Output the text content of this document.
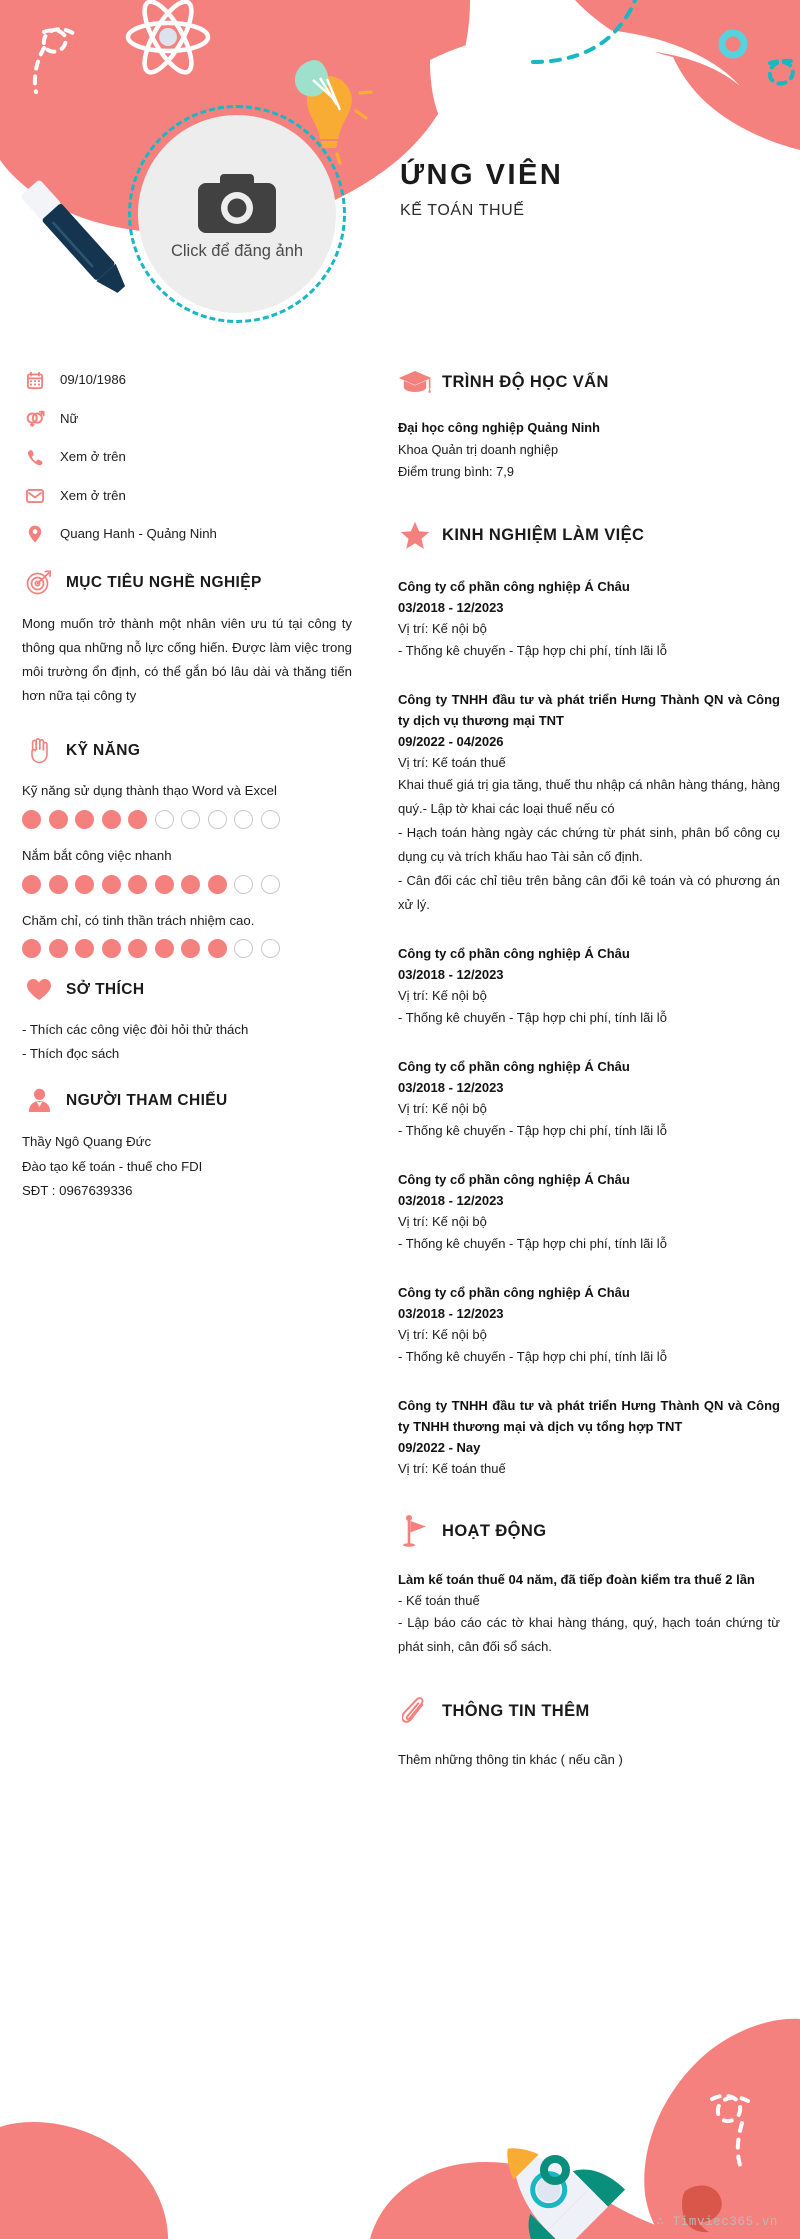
Click để đăng ảnh
ỨNG VIÊN
KẾ TOÁN THUẾ
09/10/1986
Nữ
Xem ở trên
Xem ở trên
Quang Hanh - Quảng Ninh
MỤC TIÊU NGHỀ NGHIỆP
Mong muốn trở thành một nhân viên ưu tú tại công ty thông qua những nỗ lực cống hiến. Được làm việc trong môi trường ổn định, có thể gắn bó lâu dài và thăng tiến hơn nữa tại công ty
KỸ NĂNG
Kỹ năng sử dụng thành thạo Word và Excel
Nắm bắt công việc nhanh
Chăm chỉ, có tinh thần trách nhiệm cao.
SỞ THÍCH
- Thích các công việc đòi hỏi thử thách
- Thích đọc sách
NGƯỜI THAM CHIẾU
Thầy Ngô Quang Đức
Đào tạo kế toán - thuế cho FDI
SĐT : 0967639336
TRÌNH ĐỘ HỌC VẤN
Đại học công nghiệp Quảng Ninh
Khoa Quản trị doanh nghiệp
Điểm trung bình: 7,9
KINH NGHIỆM LÀM VIỆC
Công ty cổ phần công nghiệp Á Châu
03/2018 - 12/2023
Vị trí: Kế nội bộ
- Thống kê chuyến - Tập hợp chi phí, tính lãi lỗ
Công ty TNHH đầu tư và phát triển Hưng Thành QN và Công ty dịch vụ thương mại TNT
09/2022 - 04/2026
Vị trí: Kế toán thuế
Khai thuế giá trị gia tăng, thuế thu nhập cá nhân hàng tháng, hàng quý.- Lập tờ khai các loại thuế nếu có
- Hạch toán hàng ngày các chứng từ phát sinh, phân bổ công cụ dụng cụ và trích khấu hao Tài sản cố định.
- Cân đối các chỉ tiêu trên bảng cân đối kê toán và có phương án xử lý.
Công ty cổ phần công nghiệp Á Châu
03/2018 - 12/2023
Vị trí: Kế nội bộ
- Thống kê chuyến - Tập hợp chi phí, tính lãi lỗ
Công ty cổ phần công nghiệp Á Châu
03/2018 - 12/2023
Vị trí: Kế nội bộ
- Thống kê chuyến - Tập hợp chi phí, tính lãi lỗ
Công ty cổ phần công nghiệp Á Châu
03/2018 - 12/2023
Vị trí: Kế nội bộ
- Thống kê chuyến - Tập hợp chi phí, tính lãi lỗ
Công ty cổ phần công nghiệp Á Châu
03/2018 - 12/2023
Vị trí: Kế nội bộ
- Thống kê chuyến - Tập hợp chi phí, tính lãi lỗ
Công ty TNHH đầu tư và phát triển Hưng Thành QN và Công ty TNHH thương mại và dịch vụ tổng hợp TNT
09/2022 - Nay
Vị trí: Kế toán thuế
HOẠT ĐỘNG
Làm kế toán thuế 04 năm, đã tiếp đoàn kiểm tra thuế 2 lần
- Kế toán thuế
- Lập báo cáo các tờ khai hàng tháng, quý, hạch toán chứng từ phát sinh, cân đối sổ sách.
THÔNG TIN THÊM
Thêm những thông tin khác ( nếu cần )
∴ Timviec365.vn
